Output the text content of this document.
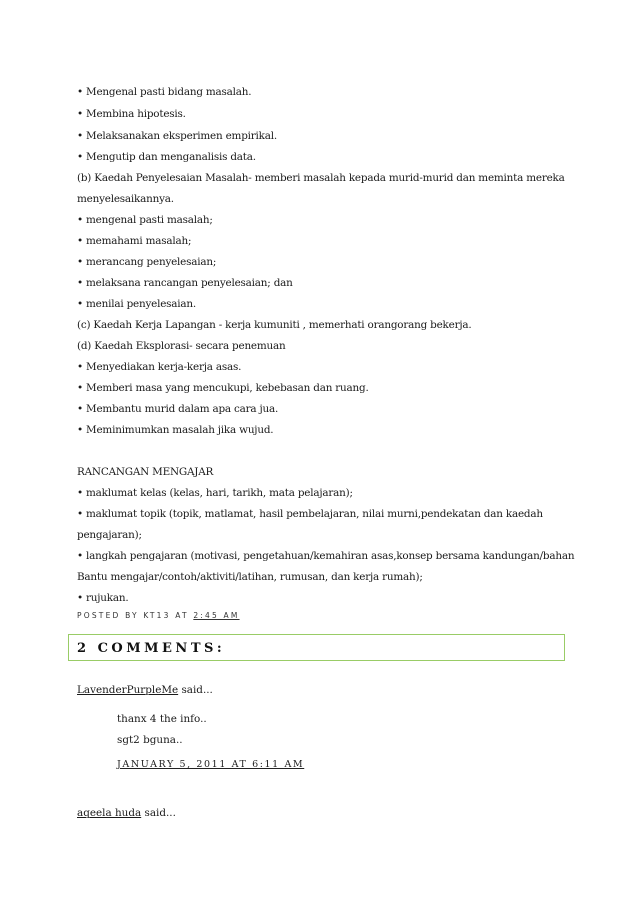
• Mengenal pasti bidang masalah.
• Membina hipotesis.
• Melaksanakan eksperimen empirikal.
• Mengutip dan menganalisis data.
(b) Kaedah Penyelesaian Masalah- memberi masalah kepada murid-murid dan meminta mereka
menyelesaikannya.
• mengenal pasti masalah;
• memahami masalah;
• merancang penyelesaian;
• melaksana rancangan penyelesaian; dan
• menilai penyelesaian.
(c) Kaedah Kerja Lapangan - kerja kumuniti , memerhati orangorang bekerja.
(d) Kaedah Eksplorasi- secara penemuan
• Menyediakan kerja-kerja asas.
• Memberi masa yang mencukupi, kebebasan dan ruang.
• Membantu murid dalam apa cara jua.
• Meminimumkan masalah jika wujud.
RANCANGAN MENGAJAR
• maklumat kelas (kelas, hari, tarikh, mata pelajaran);
• maklumat topik (topik, matlamat, hasil pembelajaran, nilai murni,pendekatan dan kaedah
pengajaran);
• langkah pengajaran (motivasi, pengetahuan/kemahiran asas,konsep bersama kandungan/bahan
Bantu mengajar/contoh/aktiviti/latihan, rumusan, dan kerja rumah);
• rujukan.
POSTED BY KT13 AT 2:45 AM
2 COMMENTS:
LavenderPurpleMe said...
thanx 4 the info..
sgt2 bguna..
JANUARY 5, 2011 AT 6:11 AM
aqeela huda said...
